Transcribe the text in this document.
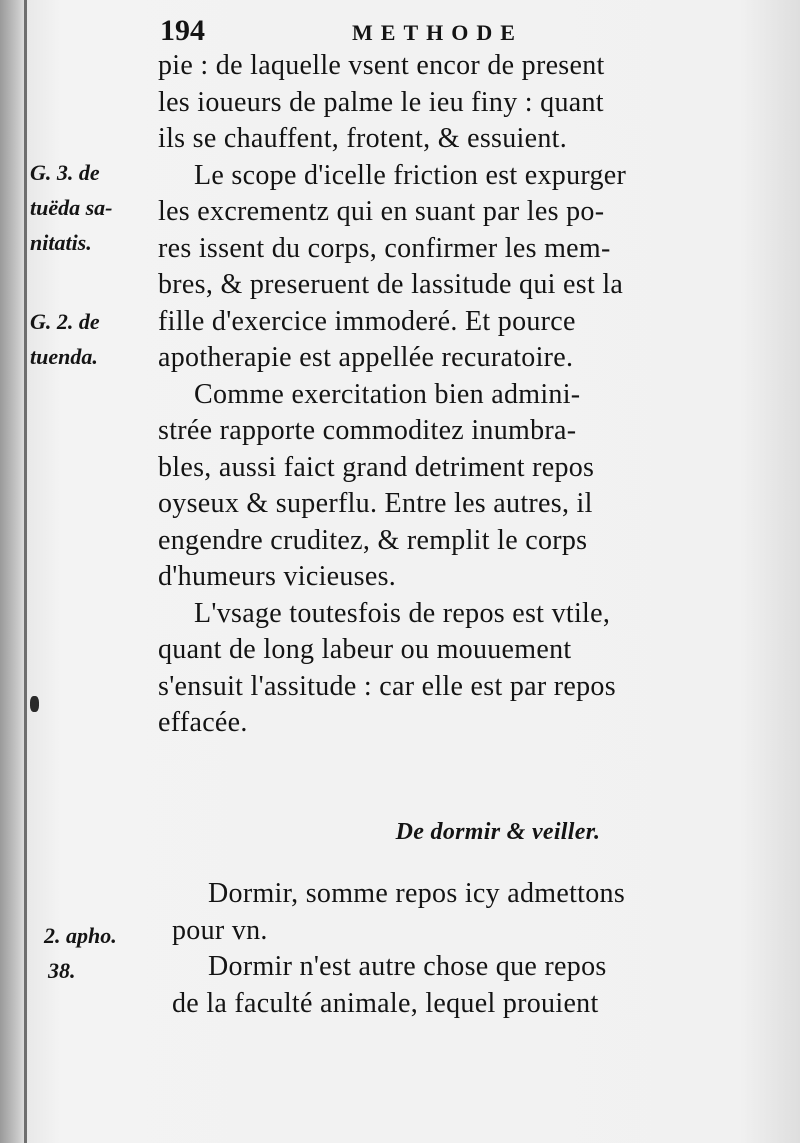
194	METHODE
G. 3. de
tuëda sa-
nitatis.
G. 2. de
tuenda.
2. apho.
38.
pie : de laquelle vsent encor de present
les ioueurs de palme le ieu finy : quant
ils se chauffent, frotent, & essuient.
Le scope d'icelle friction est expurger
les excrementz qui en suant par les po-
res issent du corps, confirmer les mem-
bres, & preseruent de lassitude qui est la
fille d'exercice immoderé. Et pource
apotherapie est appellée recuratoire.
Comme exercitation bien admini-
strée rapporte commoditez inumbra-
bles, aussi faict grand detriment repos
oyseux & superflu. Entre les autres, il
engendre cruditez, & remplit le corps
d'humeurs vicieuses.
L'vsage toutesfois de repos est vtile,
quant de long labeur ou mouuement
s'ensuit l'assitude : car elle est par repos
effacée.
De dormir & veiller.
Dormir, somme repos icy admettons
pour vn.
Dormir n'est autre chose que repos
de la faculté animale, lequel prouient
